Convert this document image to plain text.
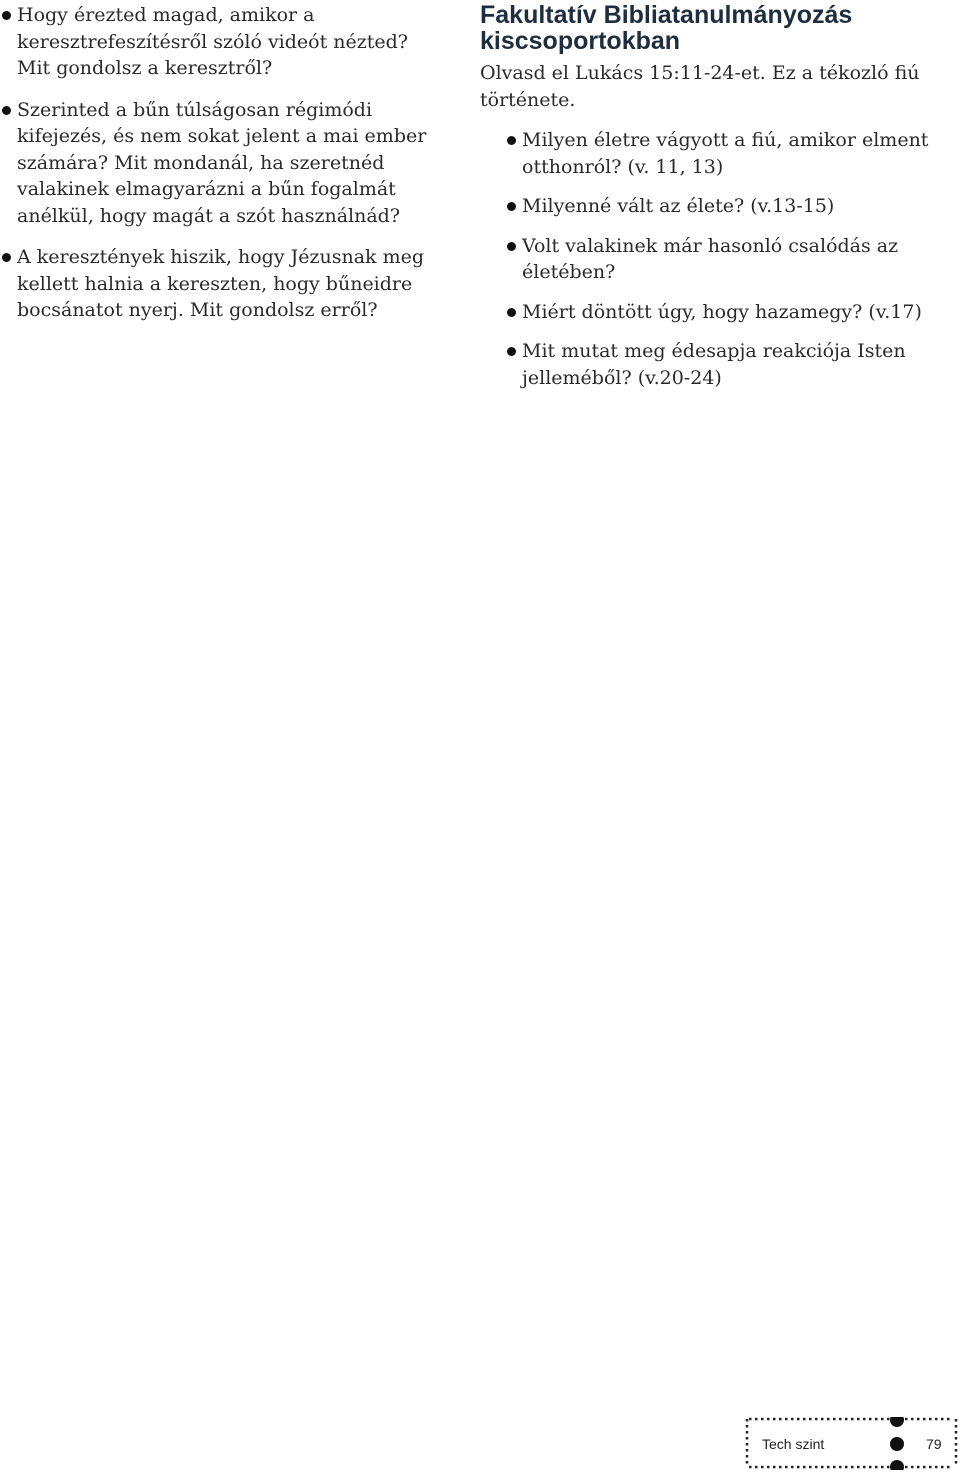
Hogy érezted magad, amikor a keresztrefeszítésről szóló videót nézted? Mit gondolsz a keresztről?

Szerinted a bűn túlságosan régimódi kifejezés, és nem sokat jelent a mai ember számára? Mit mondanál, ha szeretnéd valakinek elmagyarázni a bűn fogalmát anélkül, hogy magát a szót használnád?

A keresztények hiszik, hogy Jézusnak meg kellett halnia a kereszten, hogy bűneidre bocsánatot nyerj. Mit gondolsz erről?

Fakultatív Bibliatanulmányozás
kiscsoportokban

Olvasd el Lukács 15:11-24-et. Ez a tékozló fiú története.

Milyen életre vágyott a fiú, amikor elment otthonról? (v. 11, 13)

Milyenné vált az élete? (v.13-15)

Volt valakinek már hasonló csalódás az életében?

Miért döntött úgy, hogy hazamegy? (v.17)

Mit mutat meg édesapja reakciója Isten jelleméből? (v.20-24)

Tech szint	79
